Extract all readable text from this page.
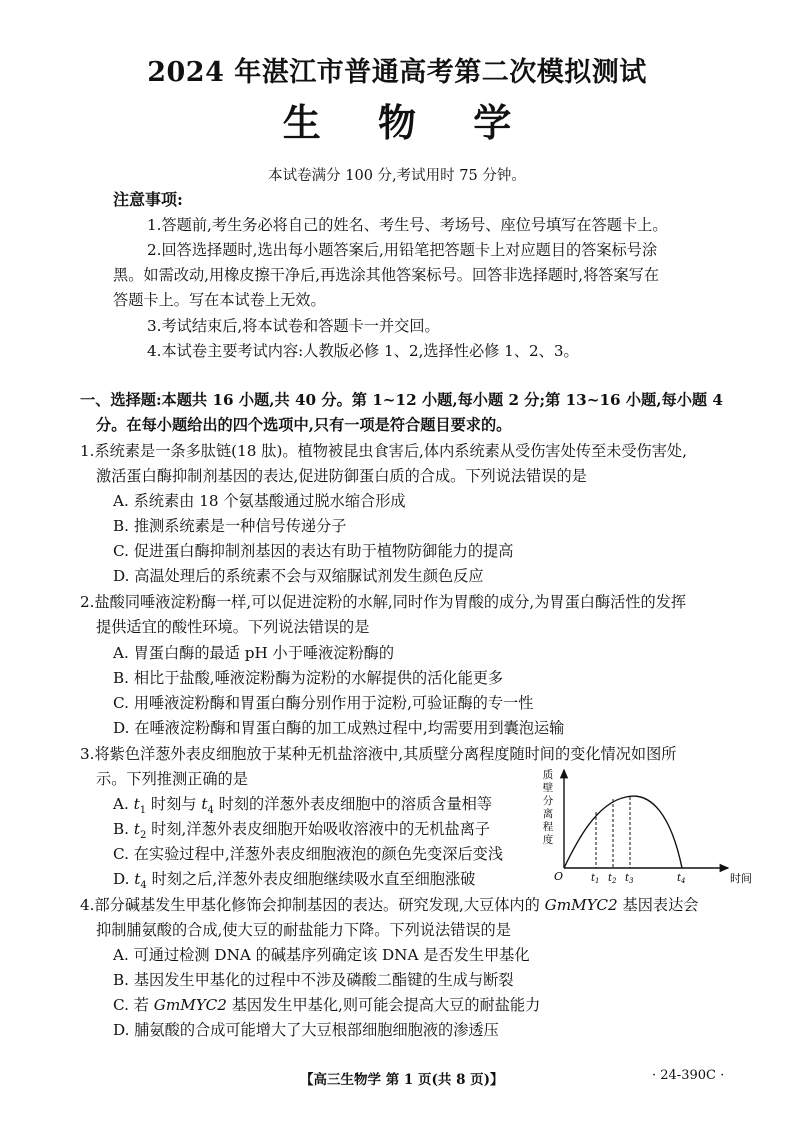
2024 年湛江市普通高考第二次模拟测试
生 物 学
本试卷满分 100 分,考试用时 75 分钟。
注意事项:
1.答题前,考生务必将自己的姓名、考生号、考场号、座位号填写在答题卡上。
2.回答选择题时,选出每小题答案后,用铅笔把答题卡上对应题目的答案标号涂
黑。如需改动,用橡皮擦干净后,再选涂其他答案标号。回答非选择题时,将答案写在
答题卡上。写在本试卷上无效。
3.考试结束后,将本试卷和答题卡一并交回。
4.本试卷主要考试内容:人教版必修 1、2,选择性必修 1、2、3。
一、选择题:本题共 16 小题,共 40 分。第 1~12 小题,每小题 2 分;第 13~16 小题,每小题 4
分。在每小题给出的四个选项中,只有一项是符合题目要求的。
1.系统素是一条多肽链(18 肽)。植物被昆虫食害后,体内系统素从受伤害处传至未受伤害处,
激活蛋白酶抑制剂基因的表达,促进防御蛋白质的合成。下列说法错误的是
A. 系统素由 18 个氨基酸通过脱水缩合形成
B. 推测系统素是一种信号传递分子
C. 促进蛋白酶抑制剂基因的表达有助于植物防御能力的提高
D. 高温处理后的系统素不会与双缩脲试剂发生颜色反应
2.盐酸同唾液淀粉酶一样,可以促进淀粉的水解,同时作为胃酸的成分,为胃蛋白酶活性的发挥
提供适宜的酸性环境。下列说法错误的是
A. 胃蛋白酶的最适 pH 小于唾液淀粉酶的
B. 相比于盐酸,唾液淀粉酶为淀粉的水解提供的活化能更多
C. 用唾液淀粉酶和胃蛋白酶分别作用于淀粉,可验证酶的专一性
D. 在唾液淀粉酶和胃蛋白酶的加工成熟过程中,均需要用到囊泡运输
3.将紫色洋葱外表皮细胞放于某种无机盐溶液中,其质壁分离程度随时间的变化情况如图所
示。下列推测正确的是
A. $t_1$ 时刻与 $t_4$ 时刻的洋葱外表皮细胞中的溶质含量相等
B. $t_2$ 时刻,洋葱外表皮细胞开始吸收溶液中的无机盐离子
C. 在实验过程中,洋葱外表皮细胞液泡的颜色先变深后变浅
D. $t_4$ 时刻之后,洋葱外表皮细胞继续吸水直至细胞涨破
质
壁
分
离
程
度
O	时间
$t_1$ $t_2$ $t_3$	$t_4$
4.部分碱基发生甲基化修饰会抑制基因的表达。研究发现,大豆体内的 GmMYC2 基因表达会
抑制脯氨酸的合成,使大豆的耐盐能力下降。下列说法错误的是
A. 可通过检测 DNA 的碱基序列确定该 DNA 是否发生甲基化
B. 基因发生甲基化的过程中不涉及磷酸二酯键的生成与断裂
C. 若 GmMYC2 基因发生甲基化,则可能会提高大豆的耐盐能力
D. 脯氨酸的合成可能增大了大豆根部细胞细胞液的渗透压
【高三生物学 第 1 页(共 8 页)】	· 24-390C ·
